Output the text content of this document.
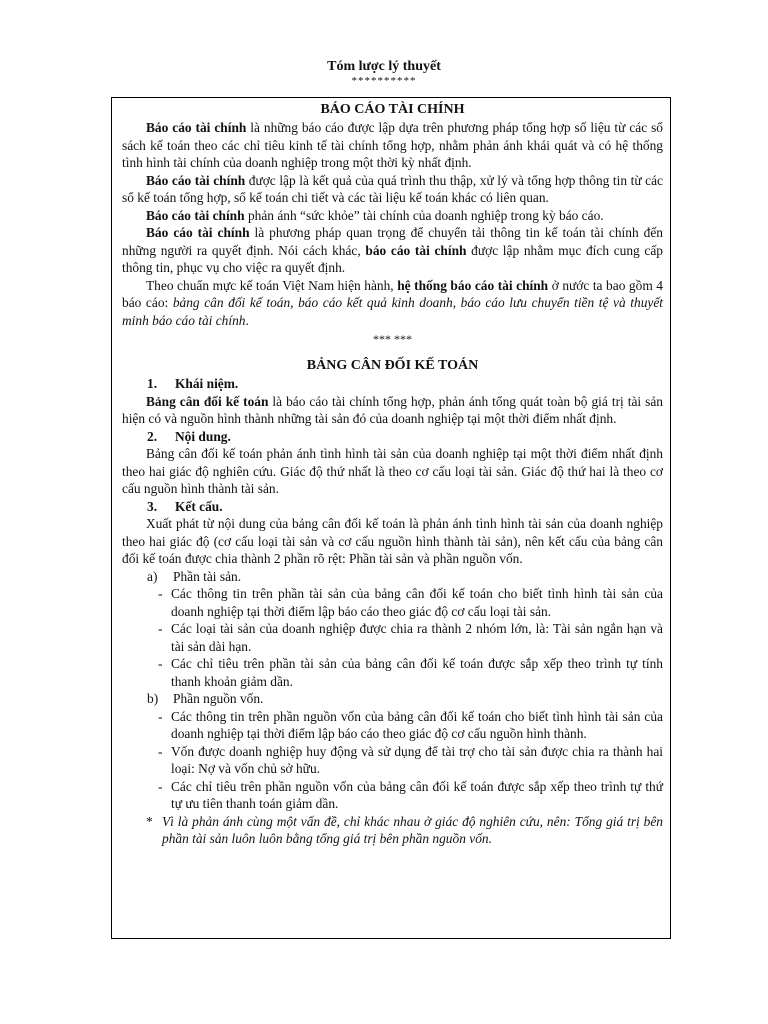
Tóm lược lý thuyết
**********

BÁO CÁO TÀI CHÍNH

Báo cáo tài chính là những báo cáo được lập dựa trên phương pháp tổng hợp số liệu từ các sổ sách kế toán theo các chỉ tiêu kinh tế tài chính tổng hợp, nhằm phản ánh khái quát và có hệ thống tình hình tài chính của doanh nghiệp trong một thời kỳ nhất định.

Báo cáo tài chính được lập là kết quả của quá trình thu thập, xử lý và tổng hợp thông tin từ các sổ kế toán tổng hợp, sổ kế toán chi tiết và các tài liệu kế toán khác có liên quan.

Báo cáo tài chính phản ánh “sức khỏe” tài chính của doanh nghiệp trong kỳ báo cáo.

Báo cáo tài chính là phương pháp quan trọng để chuyển tải thông tin kế toán tài chính đến những người ra quyết định. Nói cách khác, báo cáo tài chính được lập nhằm mục đích cung cấp thông tin, phục vụ cho việc ra quyết định.

Theo chuẩn mực kế toán Việt Nam hiện hành, hệ thống báo cáo tài chính ở nước ta bao gồm 4 báo cáo: bảng cân đối kế toán, báo cáo kết quả kinh doanh, báo cáo lưu chuyển tiền tệ và thuyết minh báo cáo tài chính.

*** ***

BẢNG CÂN ĐỐI KẾ TOÁN

1.	Khái niệm.

Bảng cân đối kế toán là báo cáo tài chính tổng hợp, phản ánh tổng quát toàn bộ giá trị tài sản hiện có và nguồn hình thành những tài sản đó của doanh nghiệp tại một thời điểm nhất định.

2.	Nội dung.

Bảng cân đối kế toán phản ánh tình hình tài sản của doanh nghiệp tại một thời điểm nhất định theo hai giác độ nghiên cứu. Giác độ thứ nhất là theo cơ cấu loại tài sản. Giác độ thứ hai là theo cơ cấu nguồn hình thành tài sản.

3.	Kết cấu.

Xuất phát từ nội dung của bảng cân đối kế toán là phản ánh tình hình tài sản của doanh nghiệp theo hai giác độ (cơ cấu loại tài sản và cơ cấu nguồn hình thành tài sản), nên kết cấu của bảng cân đối kế toán được chia thành 2 phần rõ rệt: Phần tài sản và phần nguồn vốn.

a)	Phần tài sản.
- Các thông tin trên phần tài sản của bảng cân đối kế toán cho biết tình hình tài sản của doanh nghiệp tại thời điểm lập báo cáo theo giác độ cơ cấu loại tài sản.
- Các loại tài sản của doanh nghiệp được chia ra thành 2 nhóm lớn, là: Tài sản ngắn hạn và tài sản dài hạn.
- Các chỉ tiêu trên phần tài sản của bảng cân đối kế toán được sắp xếp theo trình tự tính thanh khoản giảm dần.
b)	Phần nguồn vốn.
- Các thông tin trên phần nguồn vốn của bảng cân đối kế toán cho biết tình hình tài sản của doanh nghiệp tại thời điểm lập báo cáo theo giác độ cơ cấu nguồn hình thành.
- Vốn được doanh nghiệp huy động và sử dụng để tài trợ cho tài sản được chia ra thành hai loại: Nợ và vốn chủ sở hữu.
- Các chỉ tiêu trên phần nguồn vốn của bảng cân đối kế toán được sắp xếp theo trình tự thứ tự ưu tiên thanh toán giảm dần.
* Vì là phản ánh cùng một vấn đề, chỉ khác nhau ở giác độ nghiên cứu, nên: Tổng giá trị bên phần tài sản luôn luôn bằng tổng giá trị bên phần nguồn vốn.
